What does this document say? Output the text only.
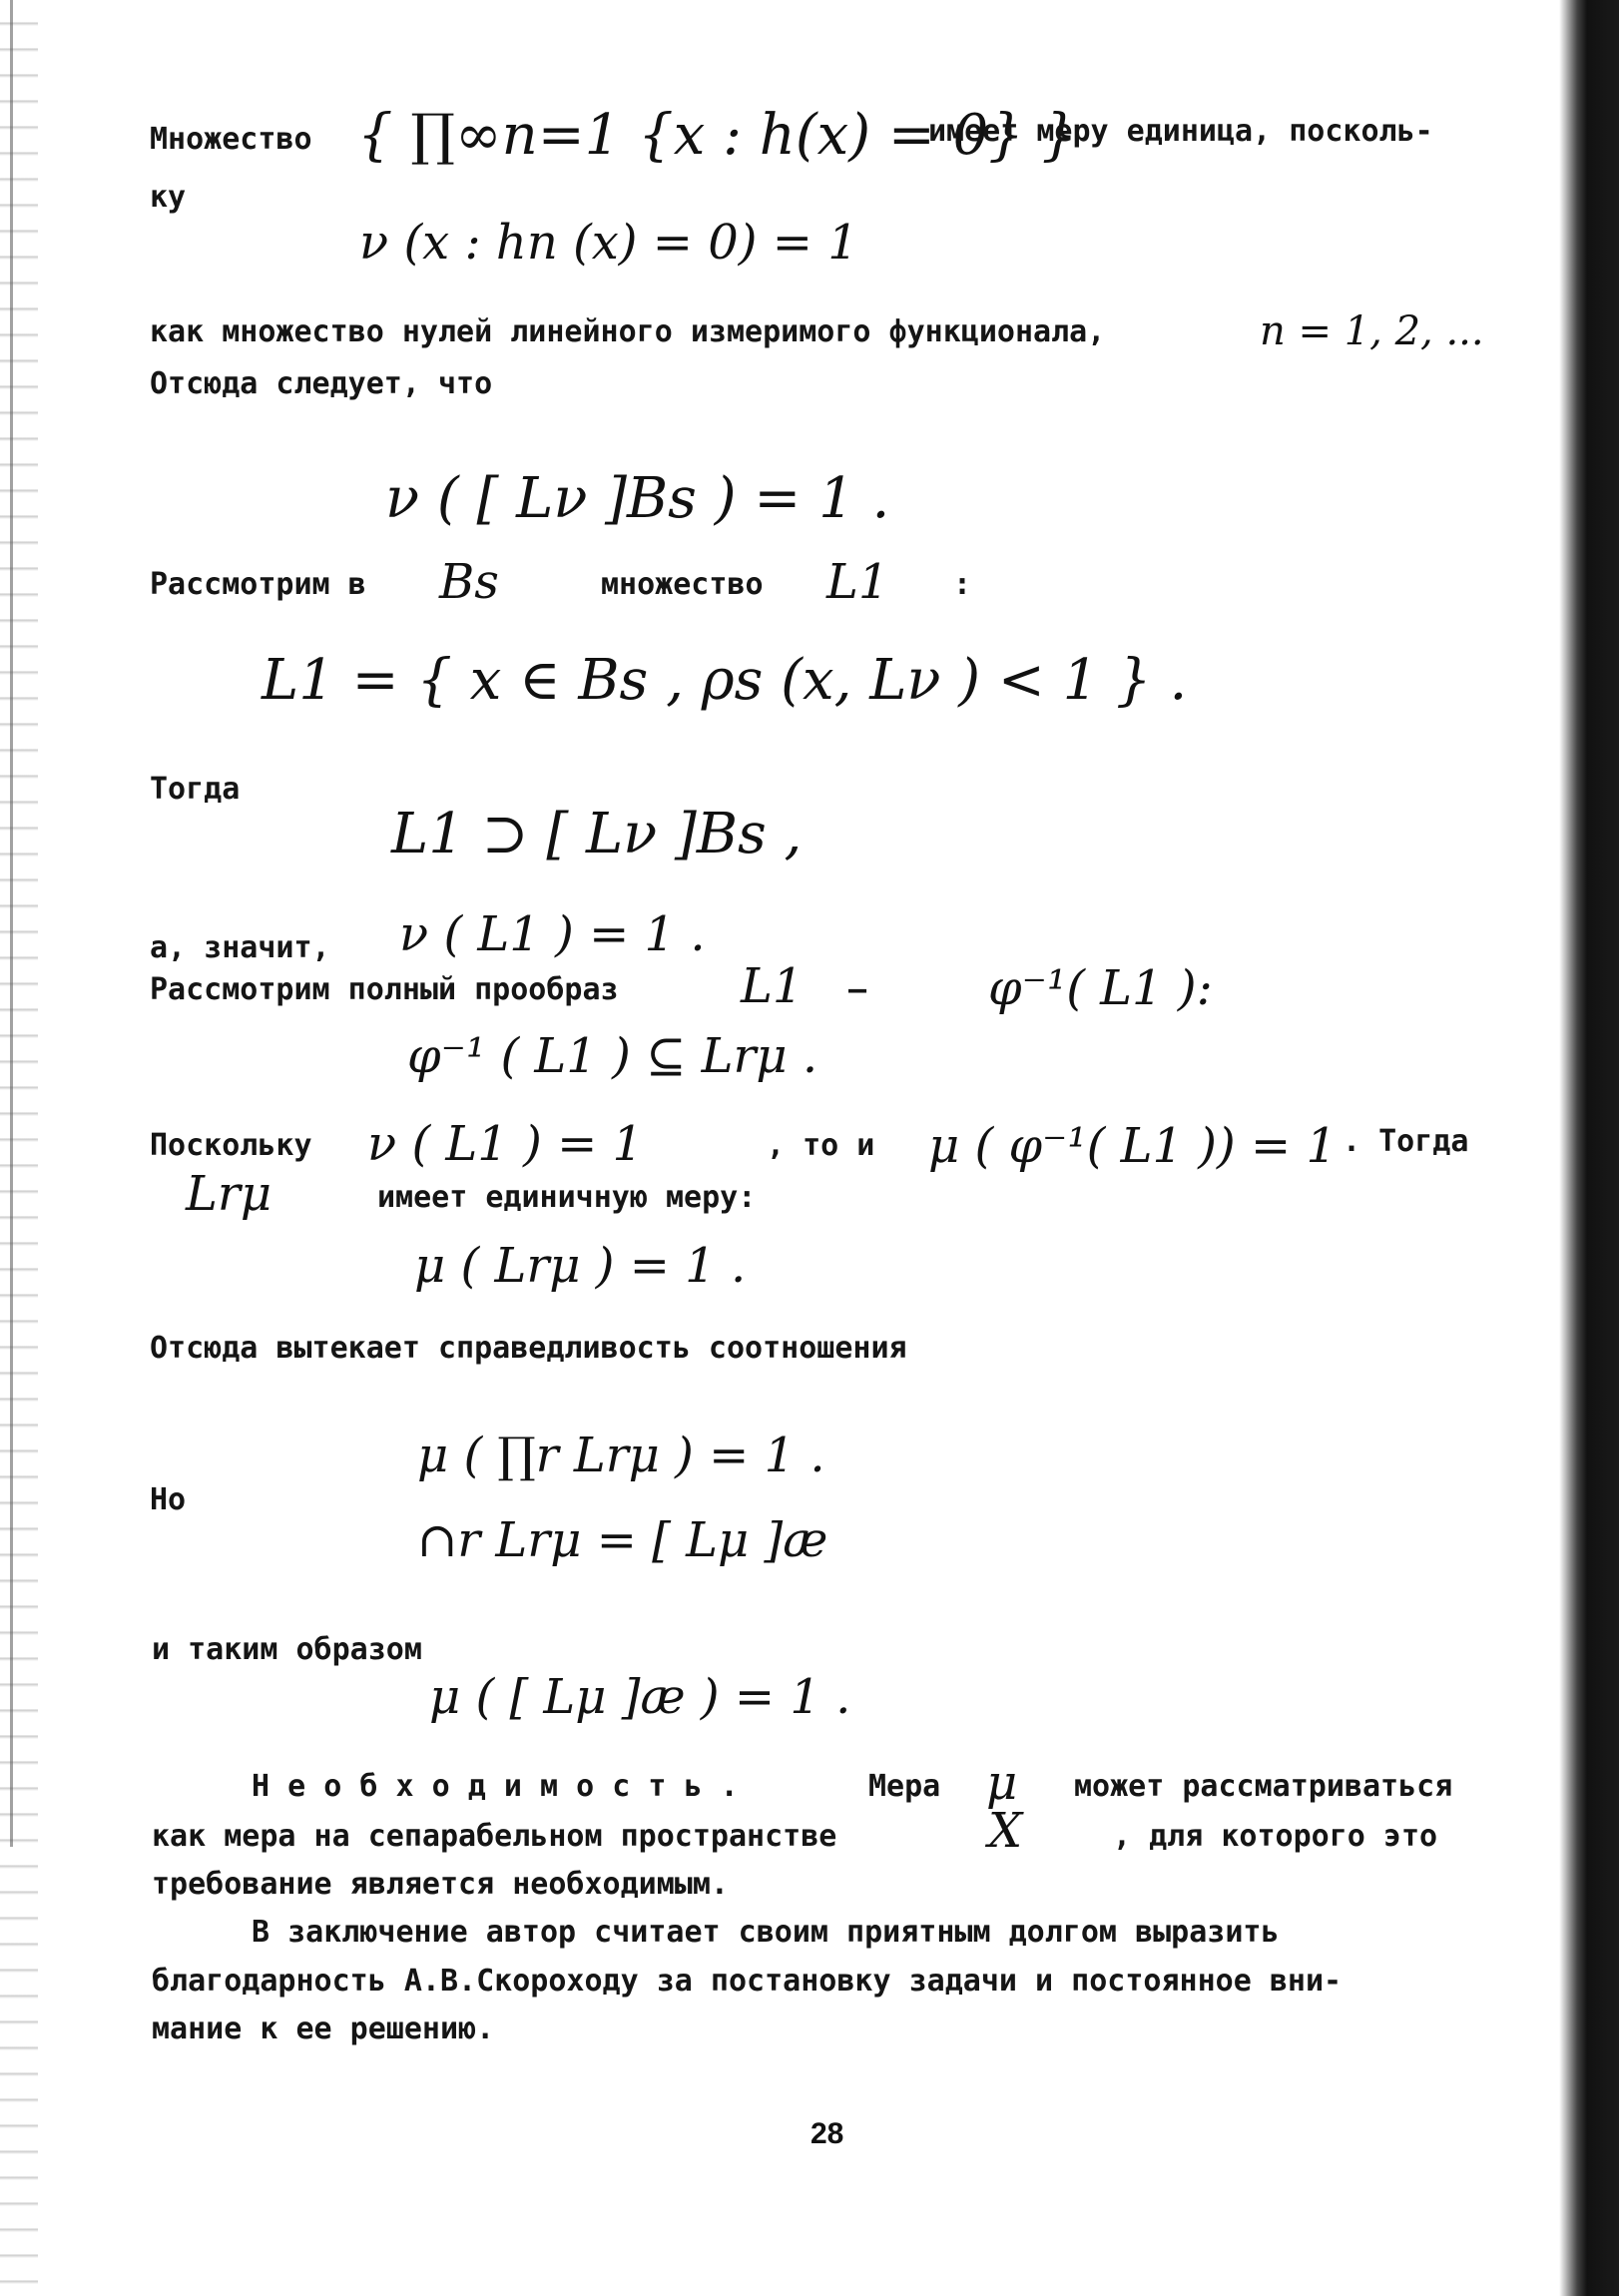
Множество { ∏∞n=1 {x : h(x) = 0} }
имеет меру единица, посколь-
ку
ν (x : hn (x) = 0) = 1
как множество нулей линейного измеримого функционала,	n = 1, 2, ...
Отсюда следует, что
ν ( [ Lν ]Bs ) = 1 .
Рассмотрим в Bs	множество L1 :
L1 = { x ∈ Bs , ρs (x, Lν ) < 1 } .
Тогда
L1 ⊃ [ Lν ]Bs ,
а, значит, ν ( L1 ) = 1 .
Рассмотрим полный прообраз	L1 —	φ⁻¹( L1 ):
φ⁻¹ ( L1 ) ⊆ Lrμ .
Поскольку ν ( L1 ) = 1	, то и μ ( φ⁻¹( L1 )) = 1 . Тогда
Lrμ	имеет единичную меру:
μ ( Lrμ ) = 1 .
Отсюда вытекает справедливость соотношения
μ ( ∏r Lrμ ) = 1 .
Но
∩r Lrμ = [ Lμ ]æ
и таким образом
μ ( [ Lμ ]æ ) = 1 .
Н е о б х о д и м о с т ь .	Мера μ может рассматриваться
как мера на сепарабельном пространстве	X	, для которого это
требование является необходимым.
В заключение автор считает своим приятным долгом выразить
благодарность А.В.Скороходу за постановку задачи и постоянное вни-
мание к ее решению.
28
